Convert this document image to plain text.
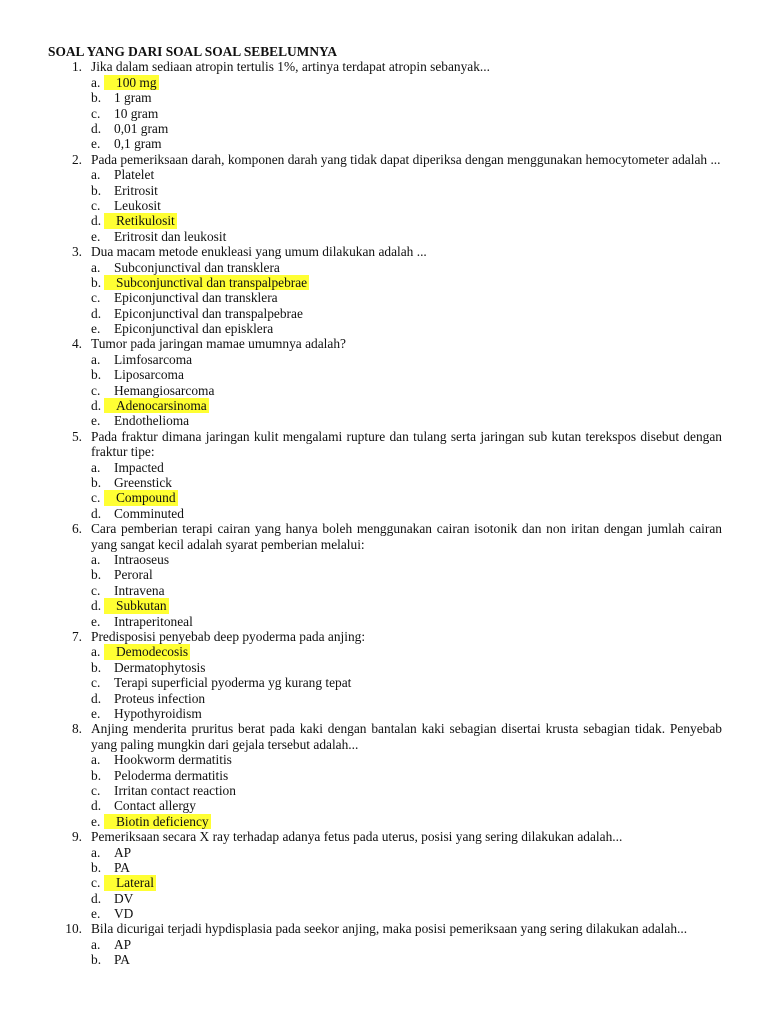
SOAL YANG DARI SOAL SOAL SEBELUMNYA
1. Jika dalam sediaan atropin tertulis 1%, artinya terdapat atropin sebanyak...
a. 100 mg
b. 1 gram
c. 10 gram
d. 0,01 gram
e. 0,1 gram
2. Pada pemeriksaan darah, komponen darah yang tidak dapat diperiksa dengan menggunakan hemocytometer adalah ...
a. Platelet
b. Eritrosit
c. Leukosit
d. Retikulosit
e. Eritrosit dan leukosit
3. Dua macam metode enukleasi yang umum dilakukan adalah ...
a. Subconjunctival dan transklera
b. Subconjunctival dan transpalpebrae
c. Epiconjunctival dan transklera
d. Epiconjunctival dan transpalpebrae
e. Epiconjunctival dan episklera
4. Tumor pada jaringan mamae umumnya adalah?
a. Limfosarcoma
b. Liposarcoma
c. Hemangiosarcoma
d. Adenocarsinoma
e. Endothelioma
5. Pada fraktur dimana jaringan kulit mengalami rupture dan tulang serta jaringan sub kutan terekspos disebut dengan fraktur tipe:
a. Impacted
b. Greenstick
c. Compound
d. Comminuted
6. Cara pemberian terapi cairan yang hanya boleh menggunakan cairan isotonik dan non iritan dengan jumlah cairan yang sangat kecil adalah syarat pemberian melalui:
a. Intraoseus
b. Peroral
c. Intravena
d. Subkutan
e. Intraperitoneal
7. Predisposisi penyebab deep pyoderma pada anjing:
a. Demodecosis
b. Dermatophytosis
c. Terapi superficial pyoderma yg kurang tepat
d. Proteus infection
e. Hypothyroidism
8. Anjing menderita pruritus berat pada kaki dengan bantalan kaki sebagian disertai krusta sebagian tidak. Penyebab yang paling mungkin dari gejala tersebut adalah...
a. Hookworm dermatitis
b. Peloderma dermatitis
c. Irritan contact reaction
d. Contact allergy
e. Biotin deficiency
9. Pemeriksaan secara X ray terhadap adanya fetus pada uterus, posisi yang sering dilakukan adalah...
a. AP
b. PA
c. Lateral
d. DV
e. VD
10. Bila dicurigai terjadi hypdisplasia pada seekor anjing, maka posisi pemeriksaan yang sering dilakukan adalah...
a. AP
b. PA
